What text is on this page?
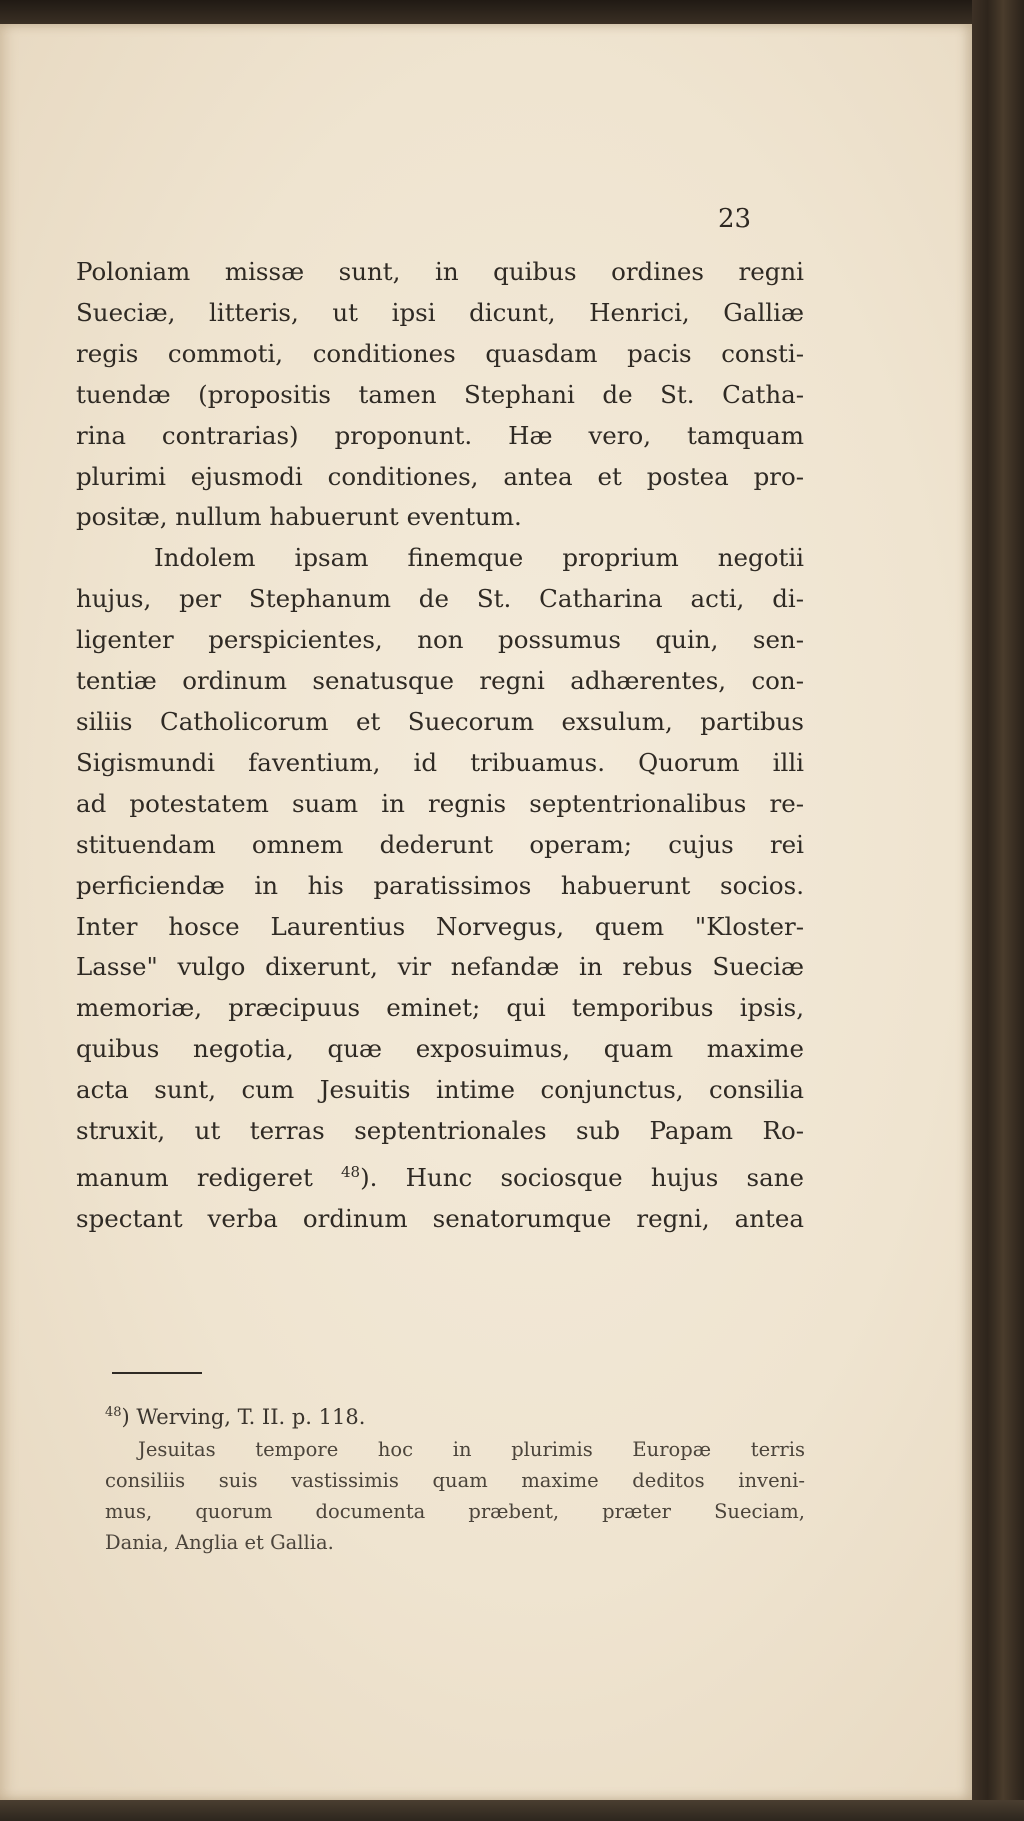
23
Poloniam missæ sunt, in quibus ordines regni
Sueciæ, litteris, ut ipsi dicunt, Henrici, Galliæ
regis commoti, conditiones quasdam pacis consti-
tuendæ (propositis tamen Stephani de St. Catha-
rina contrarias) proponunt. Hæ vero, tamquam
plurimi ejusmodi conditiones, antea et postea pro-
positæ, nullum habuerunt eventum.
Indolem ipsam finemque proprium negotii
hujus, per Stephanum de St. Catharina acti, di-
ligenter perspicientes, non possumus quin, sen-
tentiæ ordinum senatusque regni adhærentes, con-
siliis Catholicorum et Suecorum exsulum, partibus
Sigismundi faventium, id tribuamus. Quorum illi
ad potestatem suam in regnis septentrionalibus re-
stituendam omnem dederunt operam; cujus rei
perficiendæ in his paratissimos habuerunt socios.
Inter hosce Laurentius Norvegus, quem "Kloster-
Lasse" vulgo dixerunt, vir nefandæ in rebus Sueciæ
memoriæ, præcipuus eminet; qui temporibus ipsis,
quibus negotia, quæ exposuimus, quam maxime
acta sunt, cum Jesuitis intime conjunctus, consilia
struxit, ut terras septentrionales sub Papam Ro-
manum redigeret $^{48}$). Hunc sociosque hujus sane
spectant verba ordinum senatorumque regni, antea
$^{48}$) Werving, T. II. p. 118.
Jesuitas tempore hoc in plurimis Europæ terris
consiliis suis vastissimis quam maxime deditos inveni-
mus, quorum documenta præbent, præter Sueciam,
Dania, Anglia et Gallia.
